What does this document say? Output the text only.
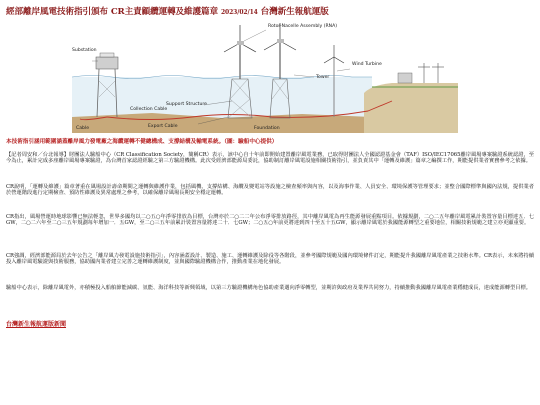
經部離岸風電技術指引頒布 CR主責顧纜運轉及維護篇章 2023/02/14 台灣新生報航運版
Rotor-Nacelle Assembly (RNA)
Tower
Wind Turbine
Substation
Collection Cable
Export Cable
Cable
Support Structure
Foundation
本技術指引涵用範圍涵蓋離岸風力發電廠之海纜運轉不健總構成、支撐結構及輸電系統。（圖：驗船中心提供）
【記者周安和／台北報導】財團法人驗船中心（CR Classification Society，簡稱CR）表示，該中心自十年前即開始建置離岸風電業務，已取得財團法人全國認證基金會（TAF）ISO/IEC17065離岸風場專案驗證系統認證，至今為止，累計完成多座離岸風場專案驗證，為台灣首家認證經驗之第三方驗證機構。此次受經濟部能源局委託，協助制訂離岸風電設施相關技術指引，並負責其中「運轉及維護」篇章之編撰工作，期能提供業者實務參考之依據。
CR說明，「運轉及維護」篇章著重在風場設計壽命期間之運轉與維護作業，包括風機、支撐結構、海纜及變電站等設施之檢查頻率與內容，以及海事作業、人員安全、環境保護等管理要求；並整合國際標準與國內法規，提供業者於營運階段進行定期檢查、預防性維護及異常處理之參考，以確保離岸風場長期安全穩定運轉。
CR指出，風場營運時地球影響已無法輕忽，世界多國均以二○五○年淨零排放為目標，台灣亦於二○二二年公布淨零排放路徑，其中離岸風電為再生能源發展重點項目。依據規劃，二○二五年離岸風電累計裝置容量目標達五．七GW，二○二六年至二○三五年規劃每年增加一．五GW，至二○三五年前累計裝置容量將達二十．七GW；二○五○年前更將達到四十至五十五GW，顯示離岸風電於我國能源轉型之重要地位，相關技術規範之建立亦更顯重要。
CR強調，經濟部能源局於去年公告之「離岸風力發電設施技術指引」，內容涵蓋設計、製造、施工、運轉維護及除役等各階段，並參考國際規範及國內環境條件訂定，期能提升我國離岸風電產業之技術水準。CR表示，未來將持續投入離岸風電驗證與技術服務，協助國內業者建立完善之運轉維護制度，並與國際驗證機構合作，推動產業在地化發展。
驗船中心表示，除離岸風電外，亦積極投入船舶節能減碳、氫能、海洋科技等新興領域，以第三方驗證機構角色協助產業邁向淨零轉型，並期許與政府及業界共同努力，持續推動我國離岸風電產業穩健成長，達成能源轉型目標。
台灣新生報航運版新聞
